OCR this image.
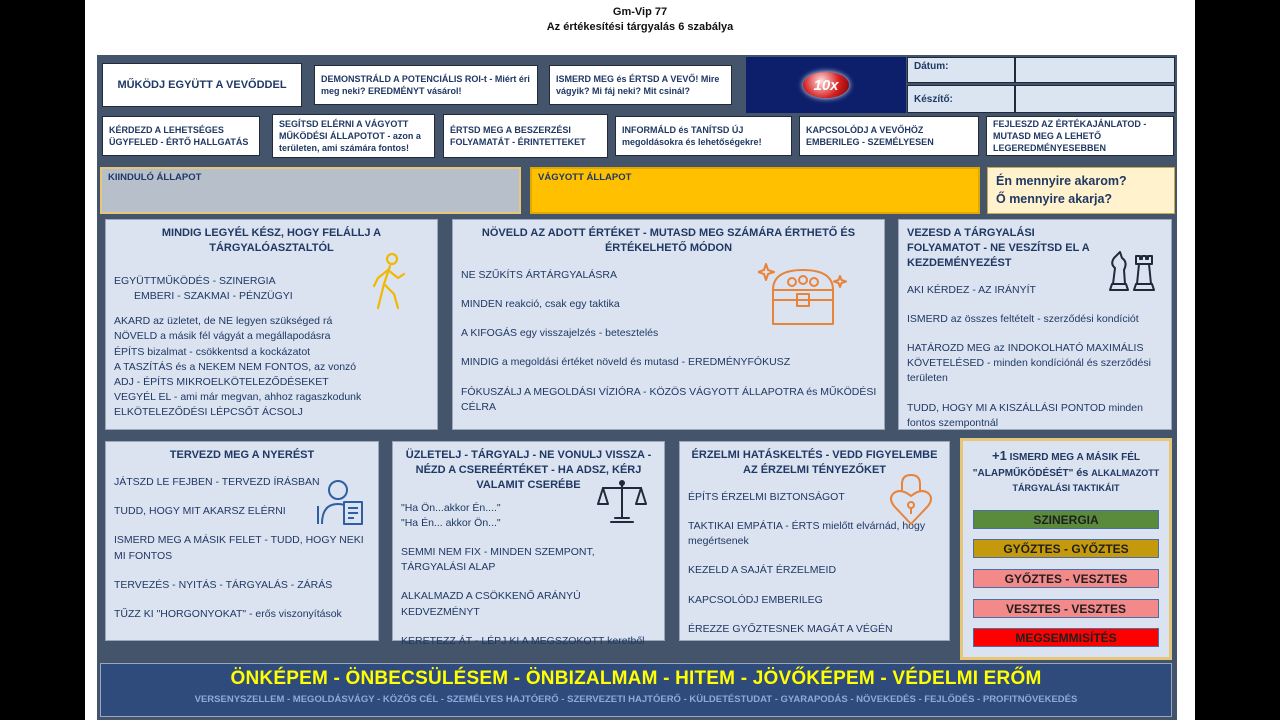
Gm-Vip 77
Az értékesítési tárgyalás 6 szabálya
MŰKÖDJ EGYÜTT A VEVŐDDEL	DEMONSTRÁLD A POTENCIÁLIS ROI-t - Miért éri meg neki? EREDMÉNYT vásárol!
ISMERD MEG és ÉRTSD A VEVŐ! Mire vágyik? Mi fáj neki? Mit csinál?	10x
Dátum:
Készítő:
KÉRDEZD A LEHETSÉGES ÜGYFELED - ÉRTŐ HALLGATÁS
SEGÍTSD ELÉRNI A VÁGYOTT MŰKÖDÉSI ÁLLAPOTOT - azon a területen, ami számára fontos!
ÉRTSD MEG A BESZERZÉSI FOLYAMATÁT - ÉRINTETTEKET
INFORMÁLD és TANÍTSD ÚJ megoldásokra és lehetőségekre!
KAPCSOLÓDJ A VEVŐHÖZ EMBERILEG - SZEMÉLYESEN
FEJLESZD AZ ÉRTÉKAJÁNLATOD - MUTASD MEG A LEHETŐ LEGEREDMÉNYESEBBEN
KIINDULÓ ÁLLAPOT	VÁGYOTT ÁLLAPOT	Én mennyire akarom?
Ő mennyire akarja?
MINDIG LEGYÉL KÉSZ, HOGY FELÁLLJ A TÁRGYALÓASZTALTÓL

EGYÜTTMŰKÖDÉS - SZINERGIA

EMBERI - SZAKMAI - PÉNZÜGYI

AKARD az üzletet, de NE legyen szükséged rá

NÖVELD a másik fél vágyát a megállapodásra

ÉPÍTS bizalmat - csökkentsd a kockázatot

A TASZÍTÁS és a NEKEM NEM FONTOS, az vonzó

ADJ - ÉPÍTS MIKROELKÖTELEZŐDÉSEKET

VEGYÉL EL - ami már megvan, ahhoz ragaszkodunk

ELKÖTELEZŐDÉSI LÉPCSŐT ÁCSOLJ

NÖVELD AZ ADOTT ÉRTÉKET - MUTASD MEG SZÁMÁRA ÉRTHETŐ ÉS ÉRTÉKELHETŐ MÓDON

NE SZŰKÍTS ÁRTÁRGYALÁSRA

MINDEN reakció, csak egy taktika

A KIFOGÁS egy visszajelzés - betesztelés

MINDIG a megoldási értéket növeld és mutasd - EREDMÉNYFÓKUSZ

FÓKUSZÁLJ A MEGOLDÁSI VÍZIÓRA - KÖZÖS VÁGYOTT ÁLLAPOTRA és MŰKÖDÉSI CÉLRA

VEZESD A TÁRGYALÁSI FOLYAMATOT - NE VESZÍTSD EL A KEZDEMÉNYEZÉST

AKI KÉRDEZ - AZ IRÁNYÍT

ISMERD az összes feltételt - szerződési kondíciót

HATÁROZD MEG az INDOKOLHATÓ MAXIMÁLIS KÖVETELÉSED - minden kondíciónál és szerződési területen

TUDD, HOGY MI A KISZÁLLÁSI PONTOD minden fontos szempontnál

TERVEZD MEG A NYERÉST

JÁTSZD LE FEJBEN - TERVEZD ÍRÁSBAN

TUDD, HOGY MIT AKARSZ ELÉRNI

ISMERD MEG A MÁSIK FELET - TUDD, HOGY NEKI MI FONTOS

TERVEZÉS - NYITÁS - TÁRGYALÁS - ZÁRÁS

TŰZZ KI "HORGONYOKAT" - erős viszonyítások

ÜZLETELJ - TÁRGYALJ - NE VONULJ VISSZA - NÉZD A CSEREÉRTÉKET - HA ADSZ, KÉRJ VALAMIT CSERÉBE

"Ha Ön...akkor Én...."

"Ha Én... akkor Ön..."

SEMMI NEM FIX - MINDEN SZEMPONT, TÁRGYALÁSI ALAP

ALKALMAZD A CSÖKKENŐ ARÁNYÚ KEDVEZMÉNYT

KERETEZZ ÁT - LÉPJ KI A MEGSZOKOTT keretből

ÉRZELMI HATÁSKELTÉS - VEDD FIGYELEMBE AZ ÉRZELMI TÉNYEZŐKET

ÉPÍTS ÉRZELMI BIZTONSÁGOT

TAKTIKAI EMPÁTIA - ÉRTS mielőtt elvárnád, hogy megértsenek

KEZELD A SAJÁT ÉRZELMEID

KAPCSOLÓDJ EMBERILEG

ÉREZZE GYŐZTESNEK MAGÁT A VÉGÉN

+1 ISMERD MEG A MÁSIK FÉL
"ALAPMŰKÖDÉSÉT" és ALKALMAZOTT TÁRGYALÁSI TAKTIKÁIT
SZINERGIA
GYŐZTES - GYŐZTES
GYŐZTES - VESZTES
VESZTES - VESZTES
MEGSEMMISÍTÉS
ÖNKÉPEM - ÖNBECSÜLÉSEM - ÖNBIZALMAM - HITEM - JÖVŐKÉPEM - VÉDELMI ERŐM
VERSENYSZELLEM - MEGOLDÁSVÁGY - KÖZÖS CÉL - SZEMÉLYES HAJTÓERŐ - SZERVEZETI HAJTÓERŐ - KÜLDETÉSTUDAT - GYARAPODÁS - NÖVEKEDÉS - FEJLŐDÉS - PROFITNÖVEKEDÉS
